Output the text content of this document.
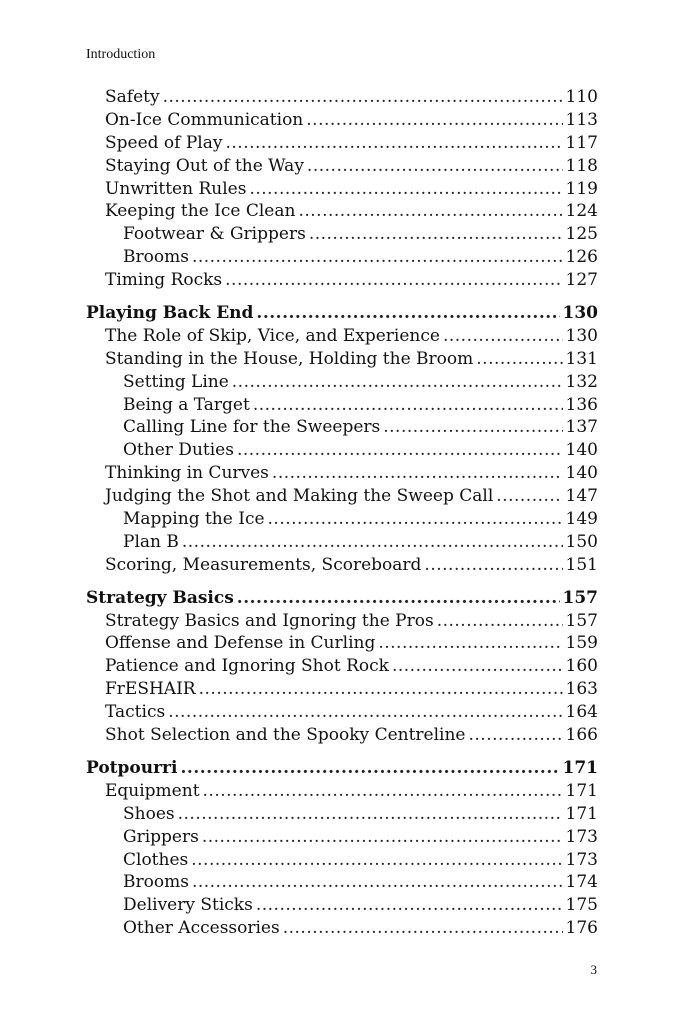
Introduction
Safety .....	110
On-Ice Communication .....	113
Speed of Play .....	117
Staying Out of the Way .....	118
Unwritten Rules .....	119
Keeping the Ice Clean .....	124
Footwear & Grippers .....	125
Brooms .....	126
Timing Rocks .....	127
Playing Back End .....	130
The Role of Skip, Vice, and Experience .....	130
Standing in the House, Holding the Broom .....	131
Setting Line .....	132
Being a Target .....	136
Calling Line for the Sweepers .....	137
Other Duties .....	140
Thinking in Curves .....	140
Judging the Shot and Making the Sweep Call .....	147
Mapping the Ice .....	149
Plan B .....	150
Scoring, Measurements, Scoreboard .....	151
Strategy Basics .....	157
Strategy Basics and Ignoring the Pros .....	157
Offense and Defense in Curling .....	159
Patience and Ignoring Shot Rock .....	160
FrESHAIR .....	163
Tactics .....	164
Shot Selection and the Spooky Centreline .....	166
Potpourri .....	171
Equipment .....	171
Shoes .....	171
Grippers .....	173
Clothes .....	173
Brooms .....	174
Delivery Sticks .....	175
Other Accessories .....	176
3
